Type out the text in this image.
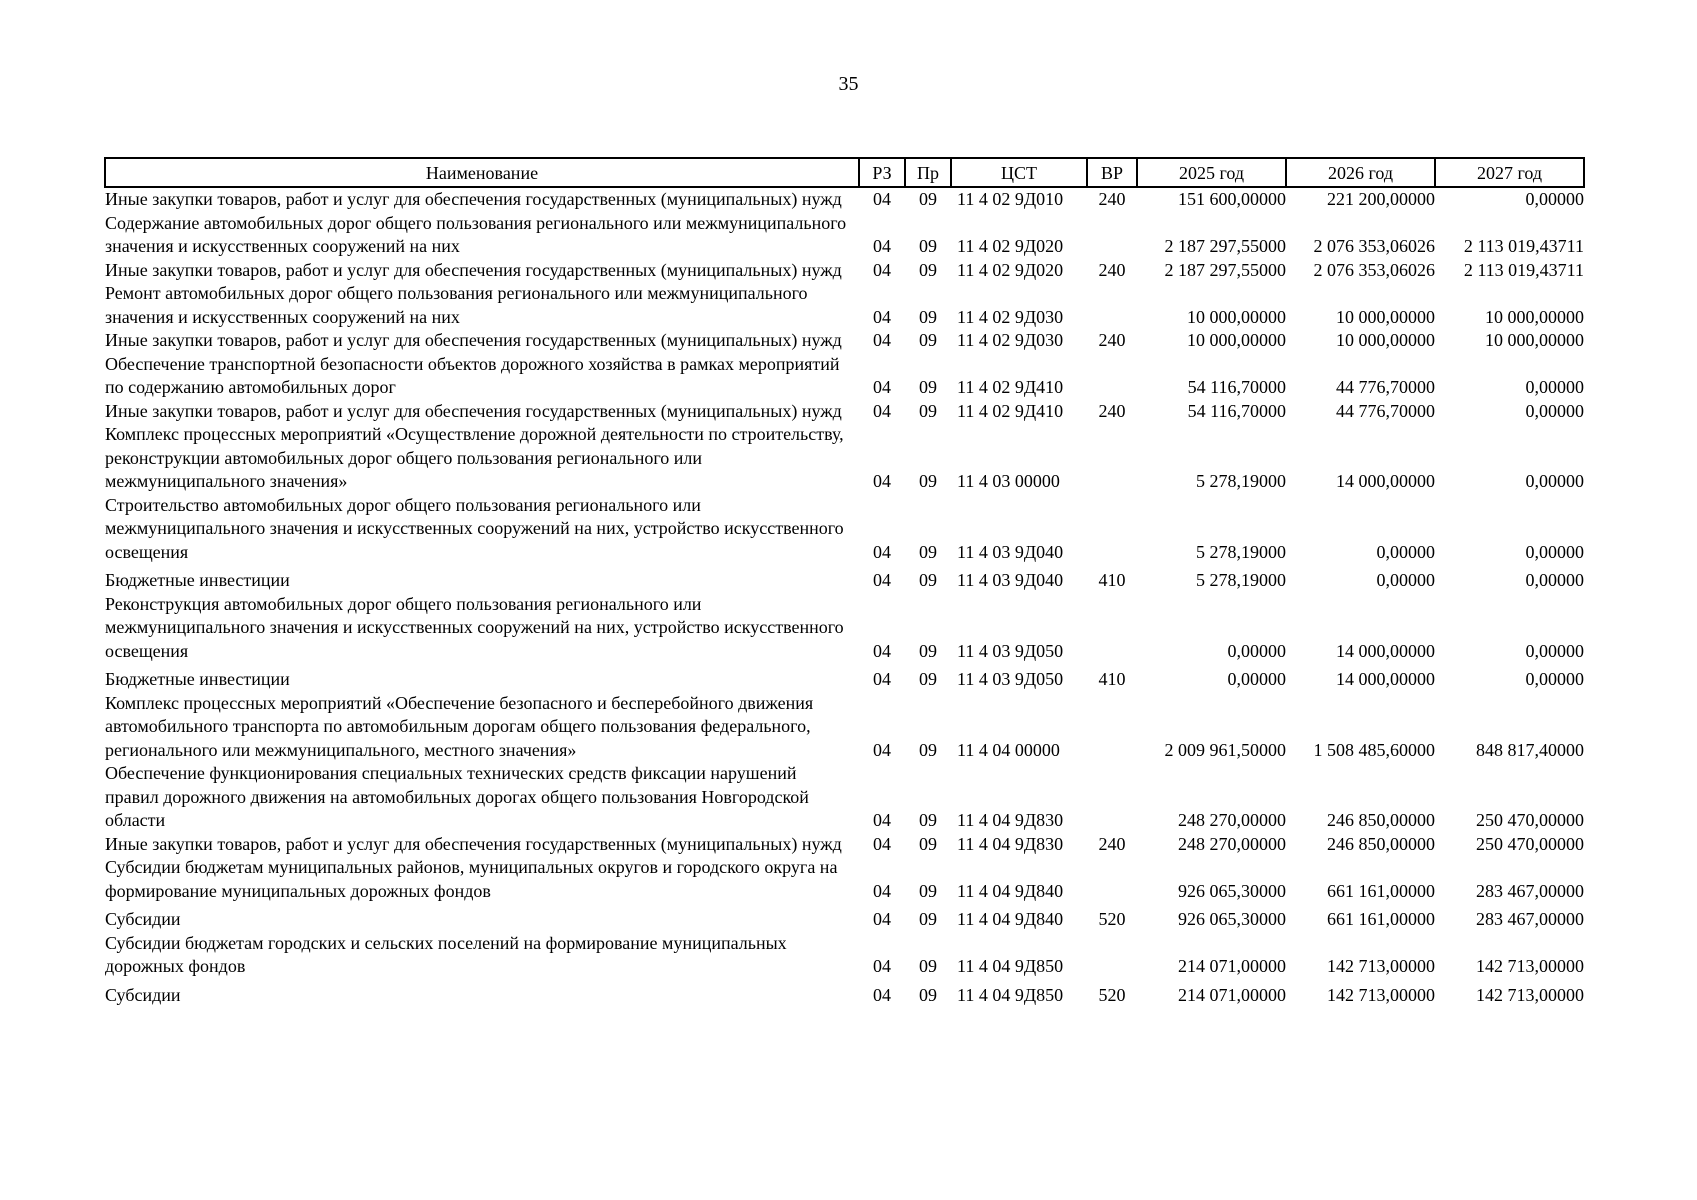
35
Наименование	РЗ	Пр	ЦСТ	ВР	2025 год	2026 год	2027 год
Иные закупки товаров, работ и услуг для обеспечения государственных (муниципальных) нужд	04	09	11 4 02 9Д010	240	151 600,00000	221 200,00000	0,00000
Содержание автомобильных дорог общего пользования регионального или межмуниципального значения и искусственных сооружений на них	04	09	11 4 02 9Д020		2 187 297,55000	2 076 353,06026	2 113 019,43711
Иные закупки товаров, работ и услуг для обеспечения государственных (муниципальных) нужд	04	09	11 4 02 9Д020	240	2 187 297,55000	2 076 353,06026	2 113 019,43711
Ремонт автомобильных дорог общего пользования регионального или межмуниципального значения и искусственных сооружений на них	04	09	11 4 02 9Д030		10 000,00000	10 000,00000	10 000,00000
Иные закупки товаров, работ и услуг для обеспечения государственных (муниципальных) нужд	04	09	11 4 02 9Д030	240	10 000,00000	10 000,00000	10 000,00000
Обеспечение транспортной безопасности объектов дорожного хозяйства в рамках мероприятий по содержанию автомобильных дорог	04	09	11 4 02 9Д410		54 116,70000	44 776,70000	0,00000
Иные закупки товаров, работ и услуг для обеспечения государственных (муниципальных) нужд	04	09	11 4 02 9Д410	240	54 116,70000	44 776,70000	0,00000
Комплекс процессных мероприятий «Осуществление дорожной деятельности по строительству, реконструкции автомобильных дорог общего пользования регионального или межмуниципального значения»	04	09	11 4 03 00000		5 278,19000	14 000,00000	0,00000
Строительство автомобильных дорог общего пользования регионального или межмуниципального значения и искусственных сооружений на них, устройство искусственного освещения	04	09	11 4 03 9Д040		5 278,19000	0,00000	0,00000
Бюджетные инвестиции	04	09	11 4 03 9Д040	410	5 278,19000	0,00000	0,00000
Реконструкция автомобильных дорог общего пользования регионального или межмуниципального значения и искусственных сооружений на них, устройство искусственного освещения	04	09	11 4 03 9Д050		0,00000	14 000,00000	0,00000
Бюджетные инвестиции	04	09	11 4 03 9Д050	410	0,00000	14 000,00000	0,00000
Комплекс процессных мероприятий «Обеспечение безопасного и бесперебойного движения автомобильного транспорта по автомобильным дорогам общего пользования федерального, регионального или межмуниципального, местного значения»	04	09	11 4 04 00000		2 009 961,50000	1 508 485,60000	848 817,40000
Обеспечение функционирования специальных технических средств фиксации нарушений правил дорожного движения на автомобильных дорогах общего пользования Новгородской области	04	09	11 4 04 9Д830		248 270,00000	246 850,00000	250 470,00000
Иные закупки товаров, работ и услуг для обеспечения государственных (муниципальных) нужд	04	09	11 4 04 9Д830	240	248 270,00000	246 850,00000	250 470,00000
Субсидии бюджетам муниципальных районов, муниципальных округов и городского округа на формирование муниципальных дорожных фондов	04	09	11 4 04 9Д840		926 065,30000	661 161,00000	283 467,00000
Субсидии	04	09	11 4 04 9Д840	520	926 065,30000	661 161,00000	283 467,00000
Субсидии бюджетам городских и сельских поселений на формирование муниципальных дорожных фондов	04	09	11 4 04 9Д850		214 071,00000	142 713,00000	142 713,00000
Субсидии	04	09	11 4 04 9Д850	520	214 071,00000	142 713,00000	142 713,00000
